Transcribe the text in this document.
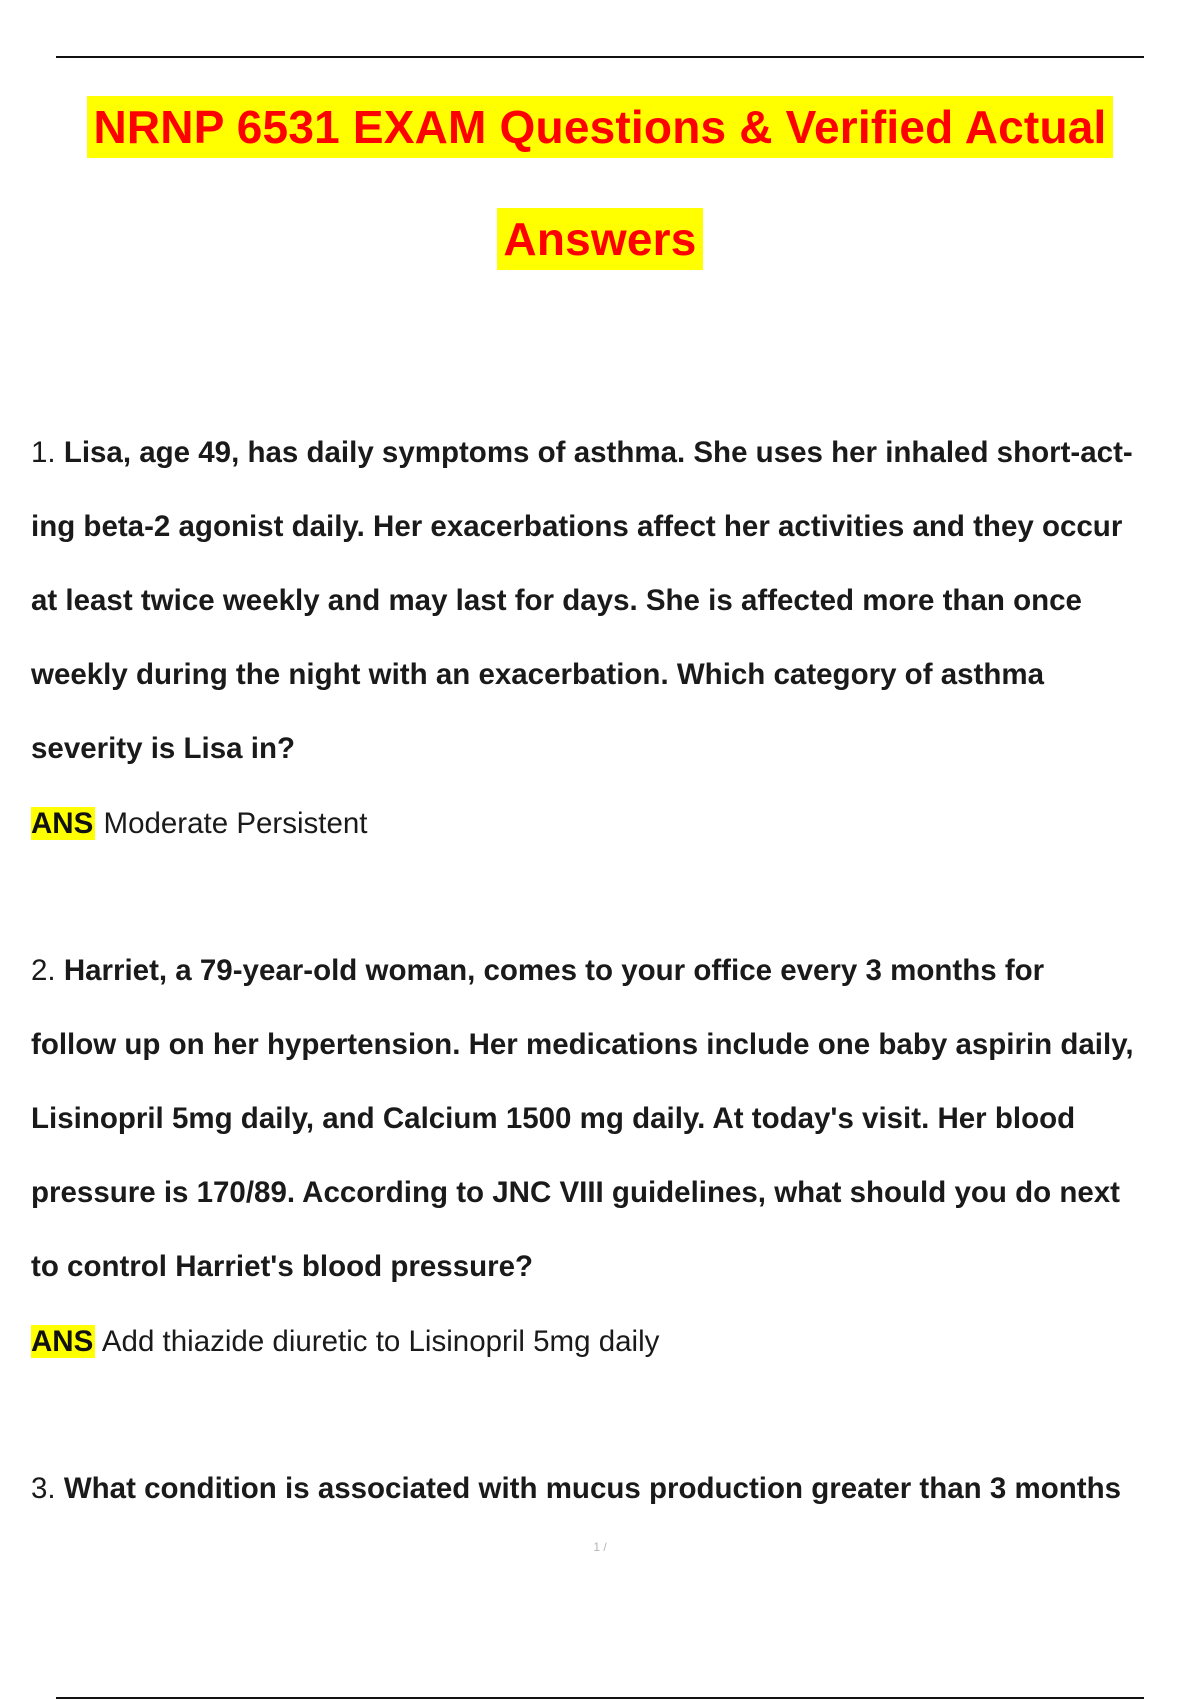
NRNP 6531 EXAM Questions & Verified Actual
Answers
1. Lisa, age 49, has daily symptoms of asthma. She uses her inhaled short-act-
ing beta-2 agonist daily. Her exacerbations affect her activities and they occur
at least twice weekly and may last for days. She is affected more than once
weekly during the night with an exacerbation. Which category of asthma
severity is Lisa in?
ANS Moderate Persistent
2. Harriet, a 79-year-old woman, comes to your office every 3 months for
follow up on her hypertension. Her medications include one baby aspirin daily,
Lisinopril 5mg daily, and Calcium 1500 mg daily. At today's visit. Her blood
pressure is 170/89. According to JNC VIII guidelines, what should you do next
to control Harriet's blood pressure?
ANS Add thiazide diuretic to Lisinopril 5mg daily
3. What condition is associated with mucus production greater than 3 months
1 /
